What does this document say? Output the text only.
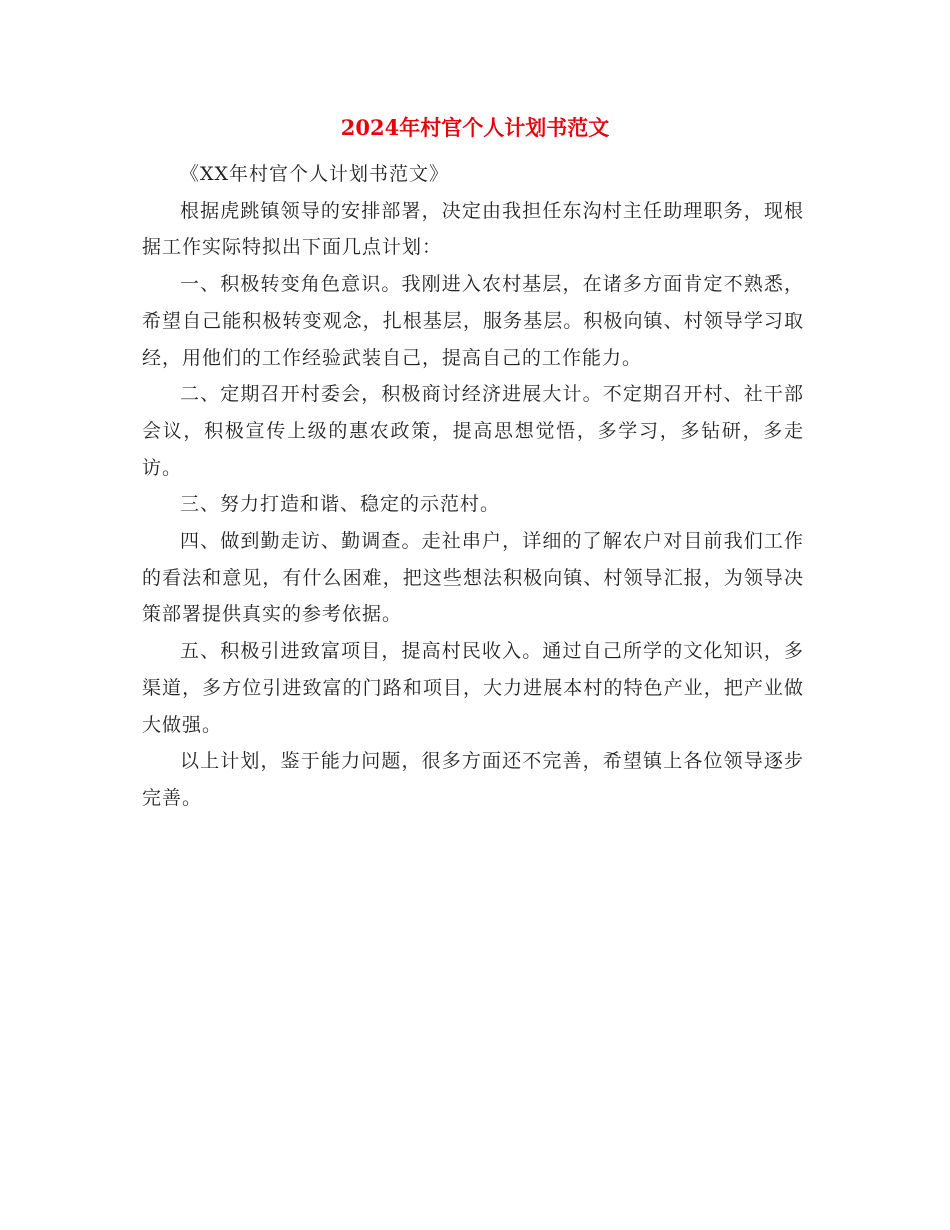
2024年村官个人计划书范文

《XX年村官个人计划书范文》

根据虎跳镇领导的安排部署，决定由我担任东沟村主任助理职务，现根据工作实际特拟出下面几点计划：

一、积极转变角色意识。我刚进入农村基层，在诸多方面肯定不熟悉，希望自己能积极转变观念，扎根基层，服务基层。积极向镇、村领导学习取经，用他们的工作经验武装自己，提高自己的工作能力。

二、定期召开村委会，积极商讨经济进展大计。不定期召开村、社干部会议，积极宣传上级的惠农政策，提高思想觉悟，多学习，多钻研，多走访。

三、努力打造和谐、稳定的示范村。

四、做到勤走访、勤调查。走社串户，详细的了解农户对目前我们工作的看法和意见，有什么困难，把这些想法积极向镇、村领导汇报，为领导决策部署提供真实的参考依据。

五、积极引进致富项目，提高村民收入。通过自己所学的文化知识，多渠道，多方位引进致富的门路和项目，大力进展本村的特色产业，把产业做大做强。

以上计划，鉴于能力问题，很多方面还不完善，希望镇上各位领导逐步完善。
